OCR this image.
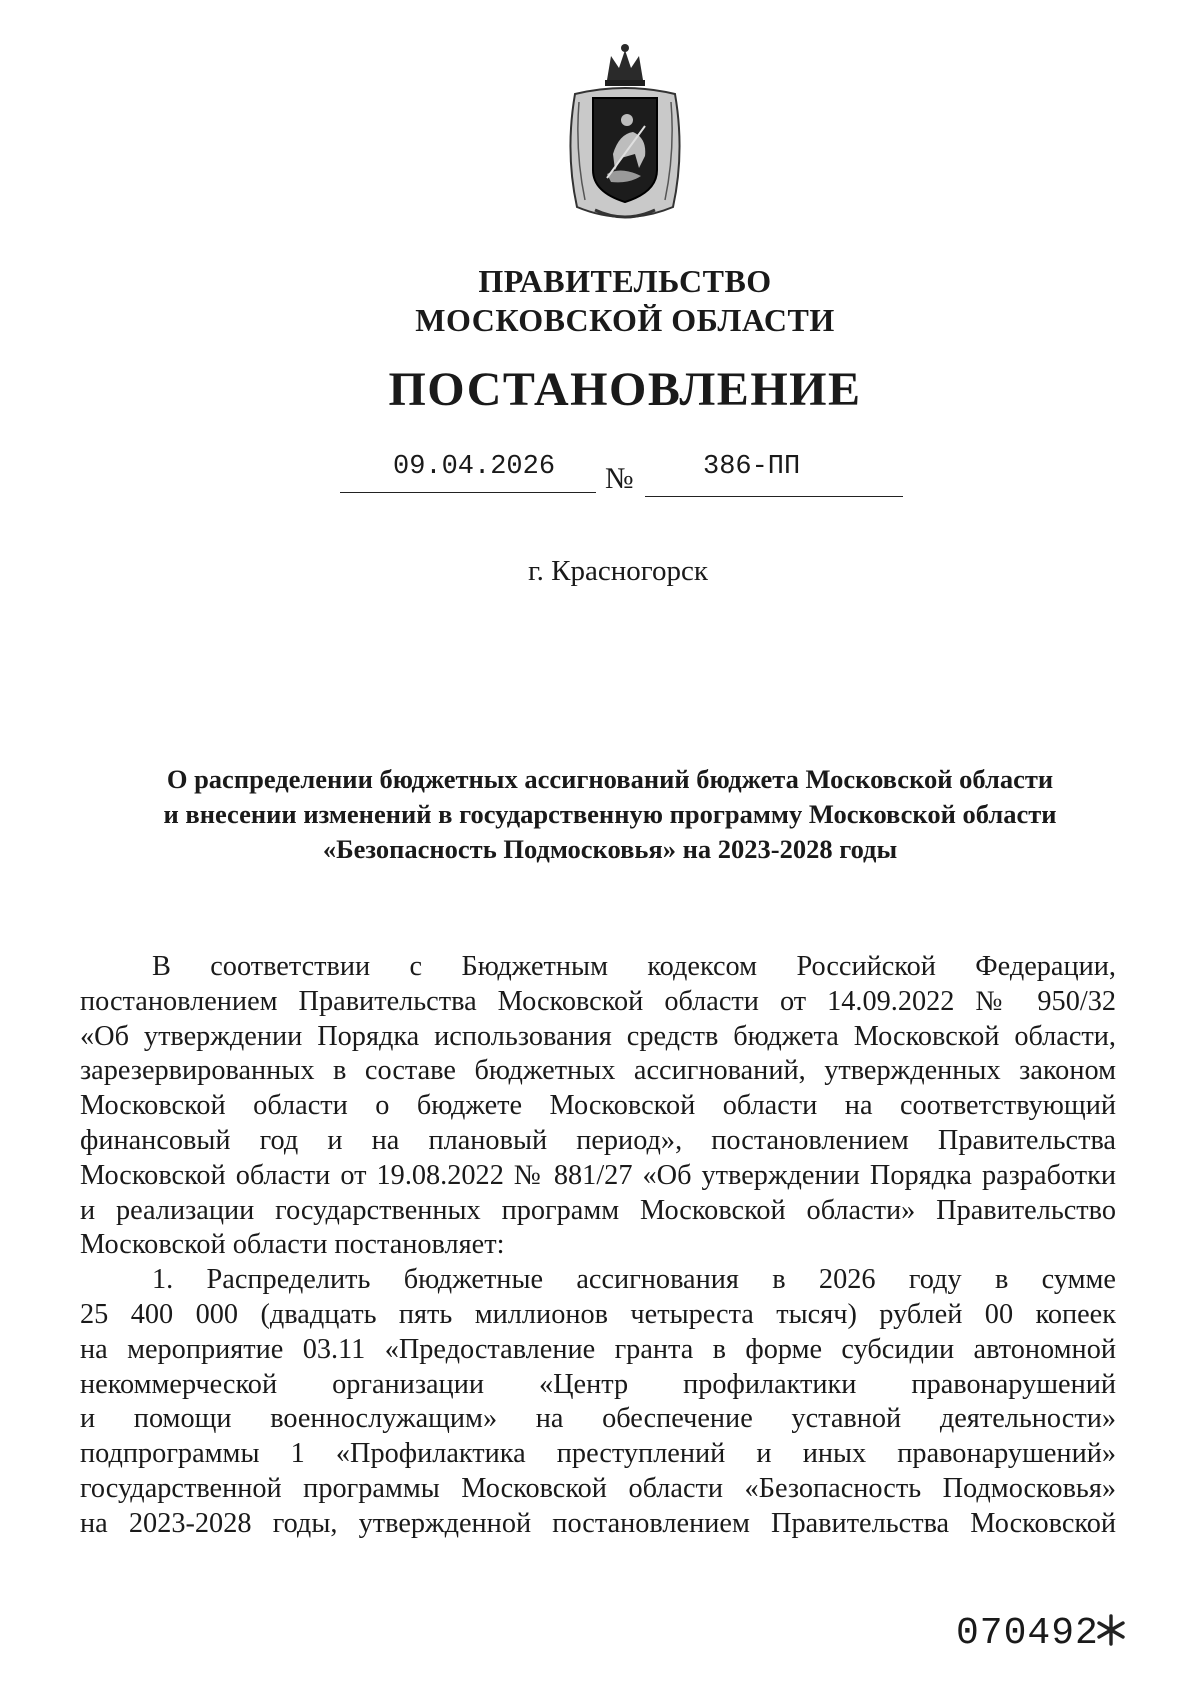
ПРАВИТЕЛЬСТВО
МОСКОВСКОЙ ОБЛАСТИ
ПОСТАНОВЛЕНИЕ
09.04.2026 №	386-ПП
г. Красногорск
О распределении бюджетных ассигнований бюджета Московской области
и внесении изменений в государственную программу Московской области
«Безопасность Подмосковья» на 2023-2028 годы
В соответствии с Бюджетным кодексом Российской Федерации,
постановлением Правительства Московской области от 14.09.2022 № 950/32
«Об утверждении Порядка использования средств бюджета Московской области,
зарезервированных в составе бюджетных ассигнований, утвержденных законом
Московской области о бюджете Московской области на соответствующий
финансовый год и на плановый период», постановлением Правительства
Московской области от 19.08.2022 № 881/27 «Об утверждении Порядка разработки
и реализации государственных программ Московской области» Правительство
Московской области постановляет:
1. Распределить бюджетные ассигнования в 2026 году в сумме
25 400 000 (двадцать пять миллионов четыреста тысяч) рублей 00 копеек
на мероприятие 03.11 «Предоставление гранта в форме субсидии автономной
некоммерческой организации «Центр профилактики правонарушений
и помощи военнослужащим» на обеспечение уставной деятельности»
подпрограммы 1 «Профилактика преступлений и иных правонарушений»
государственной программы Московской области «Безопасность Подмосковья»
на 2023-2028 годы, утвержденной постановлением Правительства Московской
070492
